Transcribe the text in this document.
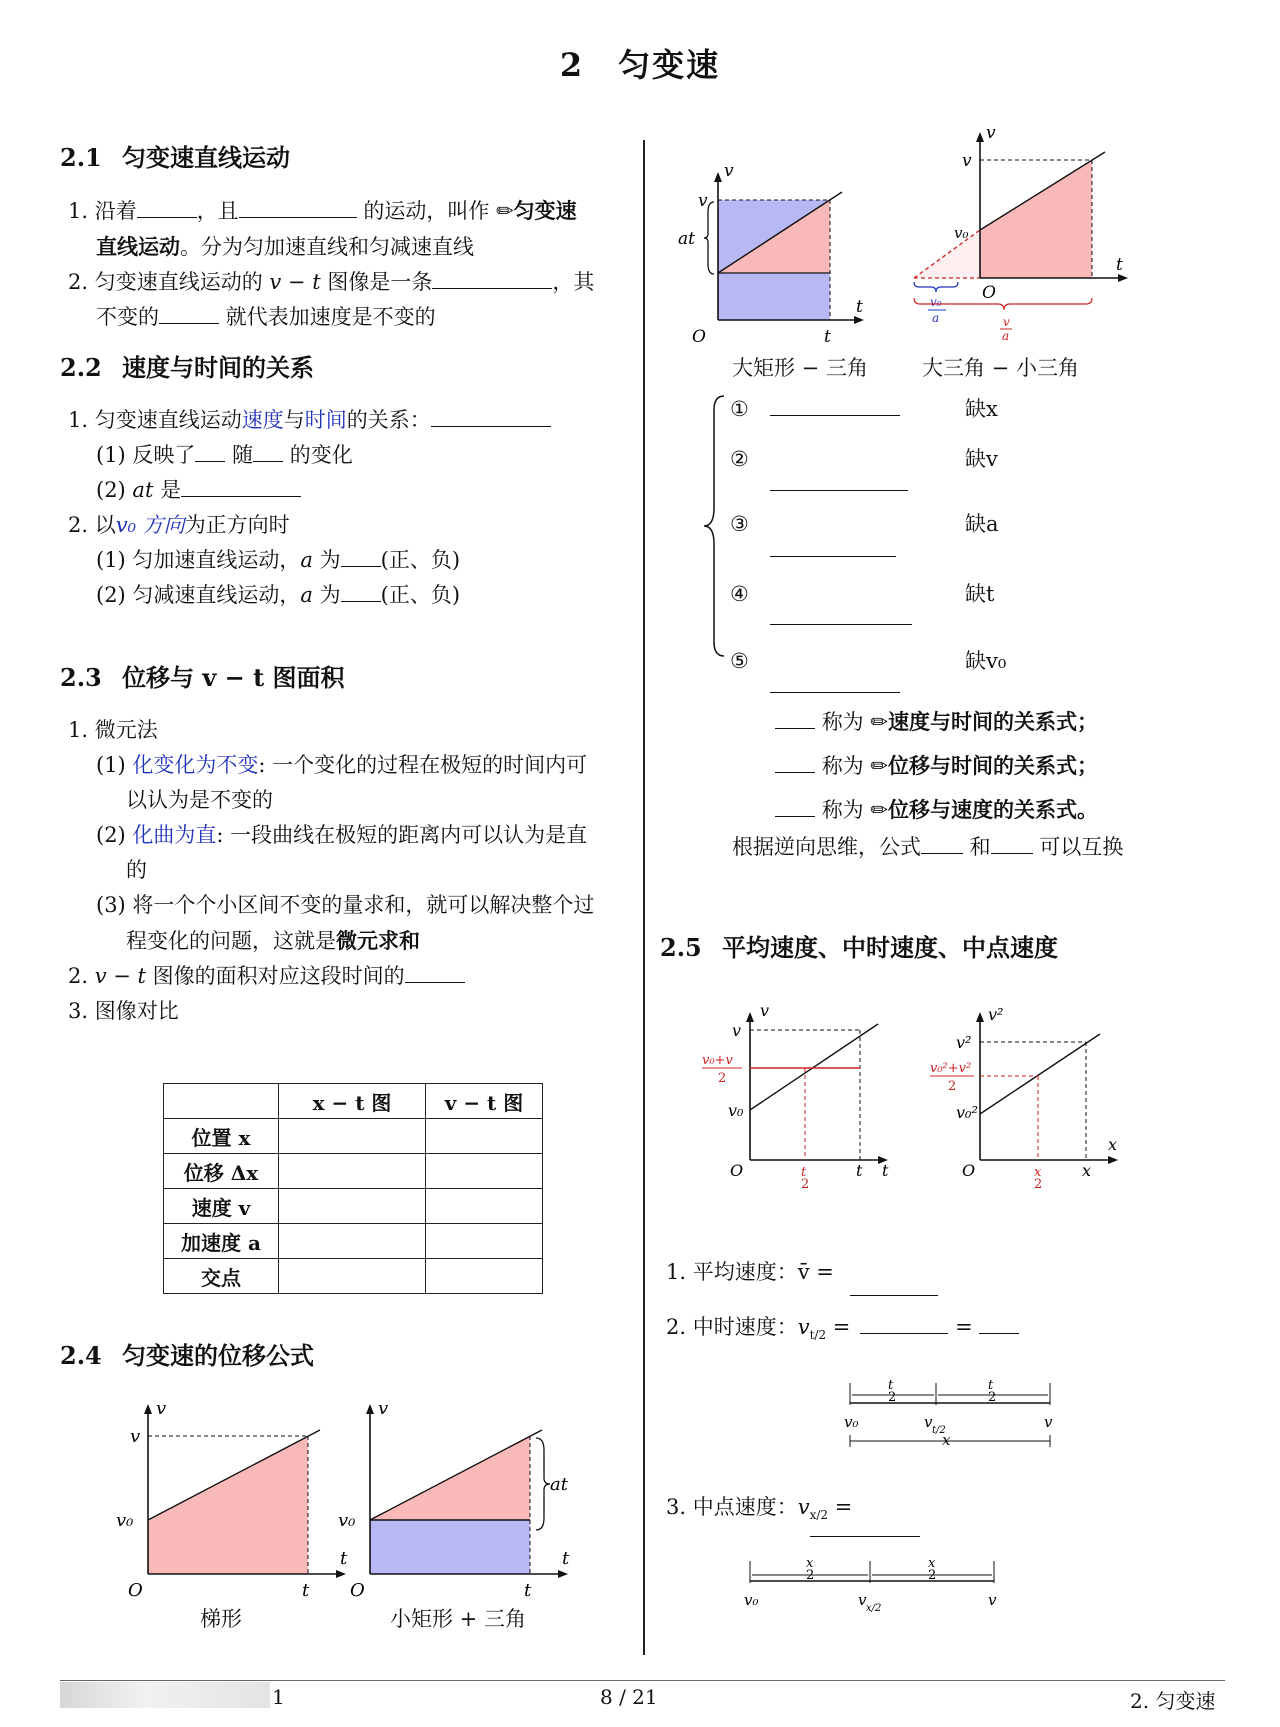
2　匀变速
2.1 匀变速直线运动

1. 沿着	，且	的运动，叫作 ✏匀变速

直线运动。分为匀加速直线和匀减速直线

2. 匀变速直线运动的 v − t 图像是一条	，其

不变的	就代表加速度是不变的

2.2 速度与时间的关系

1. 匀变速直线运动速度与时间的关系：

(1) 反映了 随 的变化

(2) at 是

2. 以v₀ 方向为正方向时

(1) 匀加速直线运动，a 为 (正、负)

(2) 匀减速直线运动，a 为 (正、负)

2.3 位移与 v − t 图面积

1. 微元法

(1) 化变化为不变: 一个变化的过程在极短的时间内可

以认为是不变的

(2) 化曲为直: 一段曲线在极短的距离内可以认为是直

的

(3) 将一个个小区间不变的量求和，就可以解决整个过

程变化的问题，这就是微元求和

2. v − t 图像的面积对应这段时间的

3. 图像对比

	x − t 图	v − t 图
位置 x		
位移 Δx		
速度 v		
加速度 a		
交点		
2.4 匀变速的位移公式
v
v₀
v
t
t
O
梯形
at
v₀
v
t
t
O
小矩形 + 三角
at
v
v
t
t
O
大矩形 − 三角
v
v
v₀
t
O
v₀
a	v
a
大三角 − 小三角
①	缺x
②	缺v
③	缺a
④	缺t
⑤	缺v₀

称为 ✏速度与时间的关系式；

称为 ✏位移与时间的关系式；

称为 ✏位移与速度的关系式。

根据逆向思维，公式 和 可以互换

2.5 平均速度、中时速度、中点速度
v
v₀
v
v₀+v
2
t
2
t t
O
v²
v₀²
v²
v₀²+v²
2
x
2
x
x
O

1. 平均速度：v̄ =

2. 中时速度：$v_{t/2}$ =	=

t
2
t
2
v₀	v t/2	v
x

3. 中点速度：$v_{x/2}$ =

x
2
x
2
v₀	v x/2	v
1	8 / 21	2. 匀变速
